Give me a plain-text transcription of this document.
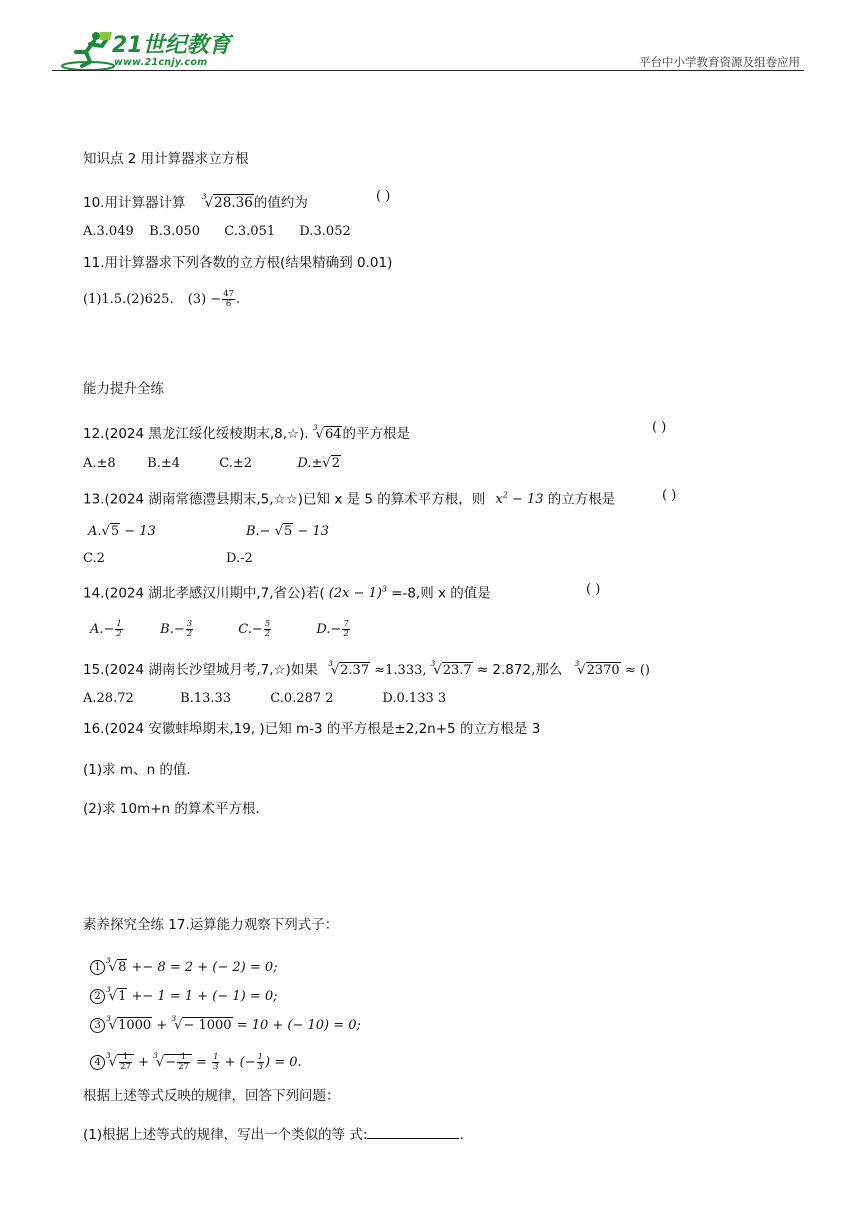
21世纪教育
www.21cnjy.com	平台中小学教育资源及组卷应用
知识点 2 用计算器求立方根
10.用计算器计算 $^3$√28.36的值约为	( )
A.3.049 B.3.050 C.3.051 D.3.052
11.用计算器求下列各数的立方根(结果精确到 0.01)
(1)1.5.(2)625. $(3) - \frac{47}{6}$ .
能力提升全练
12.(2024 黑龙江绥化绥棱期末,8,☆). $^3$√64的平方根是	( )
A.±8 B.±4	C.±2	D.±√2
13.(2024 湖南常德澧县期末,5,☆☆)已知 x 是 5 的算术平方根，则 $x^2 - 13$ 的立方根是	( )
A.√5 − 13	B.− √5 − 13
C.2	D.-2
14.(2024 湖北孝感汉川期中,7,省公)若( $(2x - 1)^3 =-8$,则 x 的值是	( )
$A.- \frac{1}{2}$	$B.- \frac{3}{2}$	$C.- \frac{5}{2}$	$D.- \frac{7}{2}$
15.(2024 湖南长沙望城月考,7,☆)如果 $^3$√2.37 ≈1.333, $^3$√23.7 ≈ 2.872,那么 $^3$√2370 ≈ ()
A.28.72	B.13.33	C.0.287 2	D.0.133 3
16.(2024 安徽蚌埠期末,19, )已知 m-3 的平方根是±2,2n+5 的立方根是 3
(1)求 m、n 的值.
(2)求 10m+n 的算术平方根.
素养探究全练 17.运算能力观察下列式子：
$1^3√8 +- 8 = 2$ + (− 2) = 0;
$2^3√1 +- 1 = 1$ + (− 1) = 0;
$3^3√1000 + ^3√- 1000 = 10$ + (− 10) = 0;
$4^3√ \frac{1}{27} + ^3√- \frac{1}{27} = \frac{1}{3}$ + (− $\frac{1}{3}$ ) = 0.
根据上述等式反映的规律，回答下列问题：
(1)根据上述等式的规律，写出一个类似的等 式:	.
